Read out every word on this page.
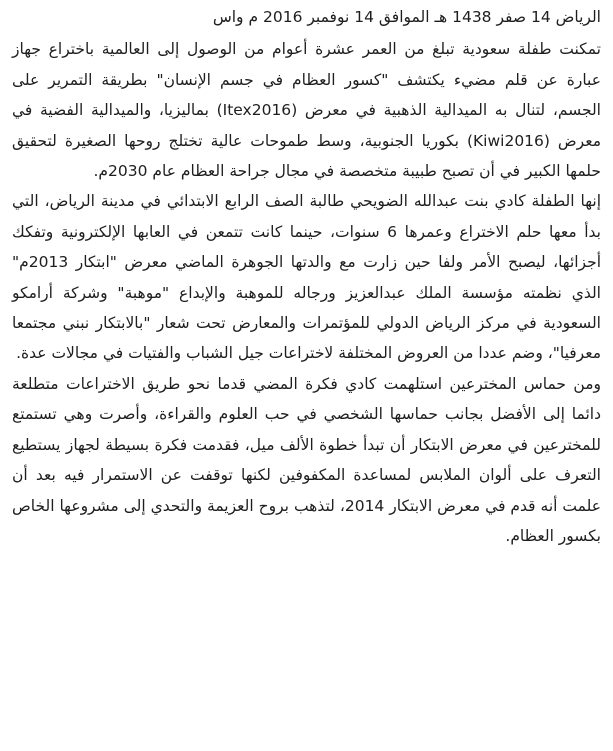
الرياض 14 صفر 1438 هـ الموافق 14 نوفمبر 2016 م واس

تمكنت طفلة سعودية تبلغ من العمر عشرة أعوام من الوصول إلى العالمية باختراع جهاز عبارة عن قلم مضيء يكتشف "كسور العظام في جسم الإنسان" بطريقة التمرير على الجسم، لتنال به الميدالية الذهبية في معرض (Itex2016) بماليزيا، والميدالية الفضية في معرض (Kiwi2016) بكوريا الجنوبية، وسط طموحات عالية تختلج روحها الصغيرة لتحقيق حلمها الكبير في أن تصبح طبيبة متخصصة في مجال جراحة العظام عام 2030م.

إنها الطفلة كادي بنت عبدالله الضويحي طالبة الصف الرابع الابتدائي في مدينة الرياض، التي بدأ معها حلم الاختراع وعمرها 6 سنوات، حينما كانت تتمعن في العابها الإلكترونية وتفكك أجزائها، ليصبح الأمر ولفا حين زارت مع والدتها الجوهرة الماضي معرض "ابتكار 2013م" الذي نظمته مؤسسة الملك عبدالعزيز ورجاله للموهبة والإبداع "موهبة" وشركة أرامكو السعودية في مركز الرياض الدولي للمؤتمرات والمعارض تحت شعار "بالابتكار نبني مجتمعا معرفيا"، وضم عددا من العروض المختلفة لاختراعات جيل الشباب والفتيات في مجالات عدة.

ومن حماس المخترعين استلهمت كادي فكرة المضي قدما نحو طريق الاختراعات متطلعة دائما إلى الأفضل بجانب حماسها الشخصي في حب العلوم والقراءة، وأصرت وهي تستمتع للمخترعين في معرض الابتكار أن تبدأ خطوة الألف ميل، فقدمت فكرة بسيطة لجهاز يستطيع التعرف على ألوان الملابس لمساعدة المكفوفين لكنها توقفت عن الاستمرار فيه بعد أن علمت أنه قدم في معرض الابتكار 2014، لتذهب بروح العزيمة والتحدي إلى مشروعها الخاص بكسور العظام.
